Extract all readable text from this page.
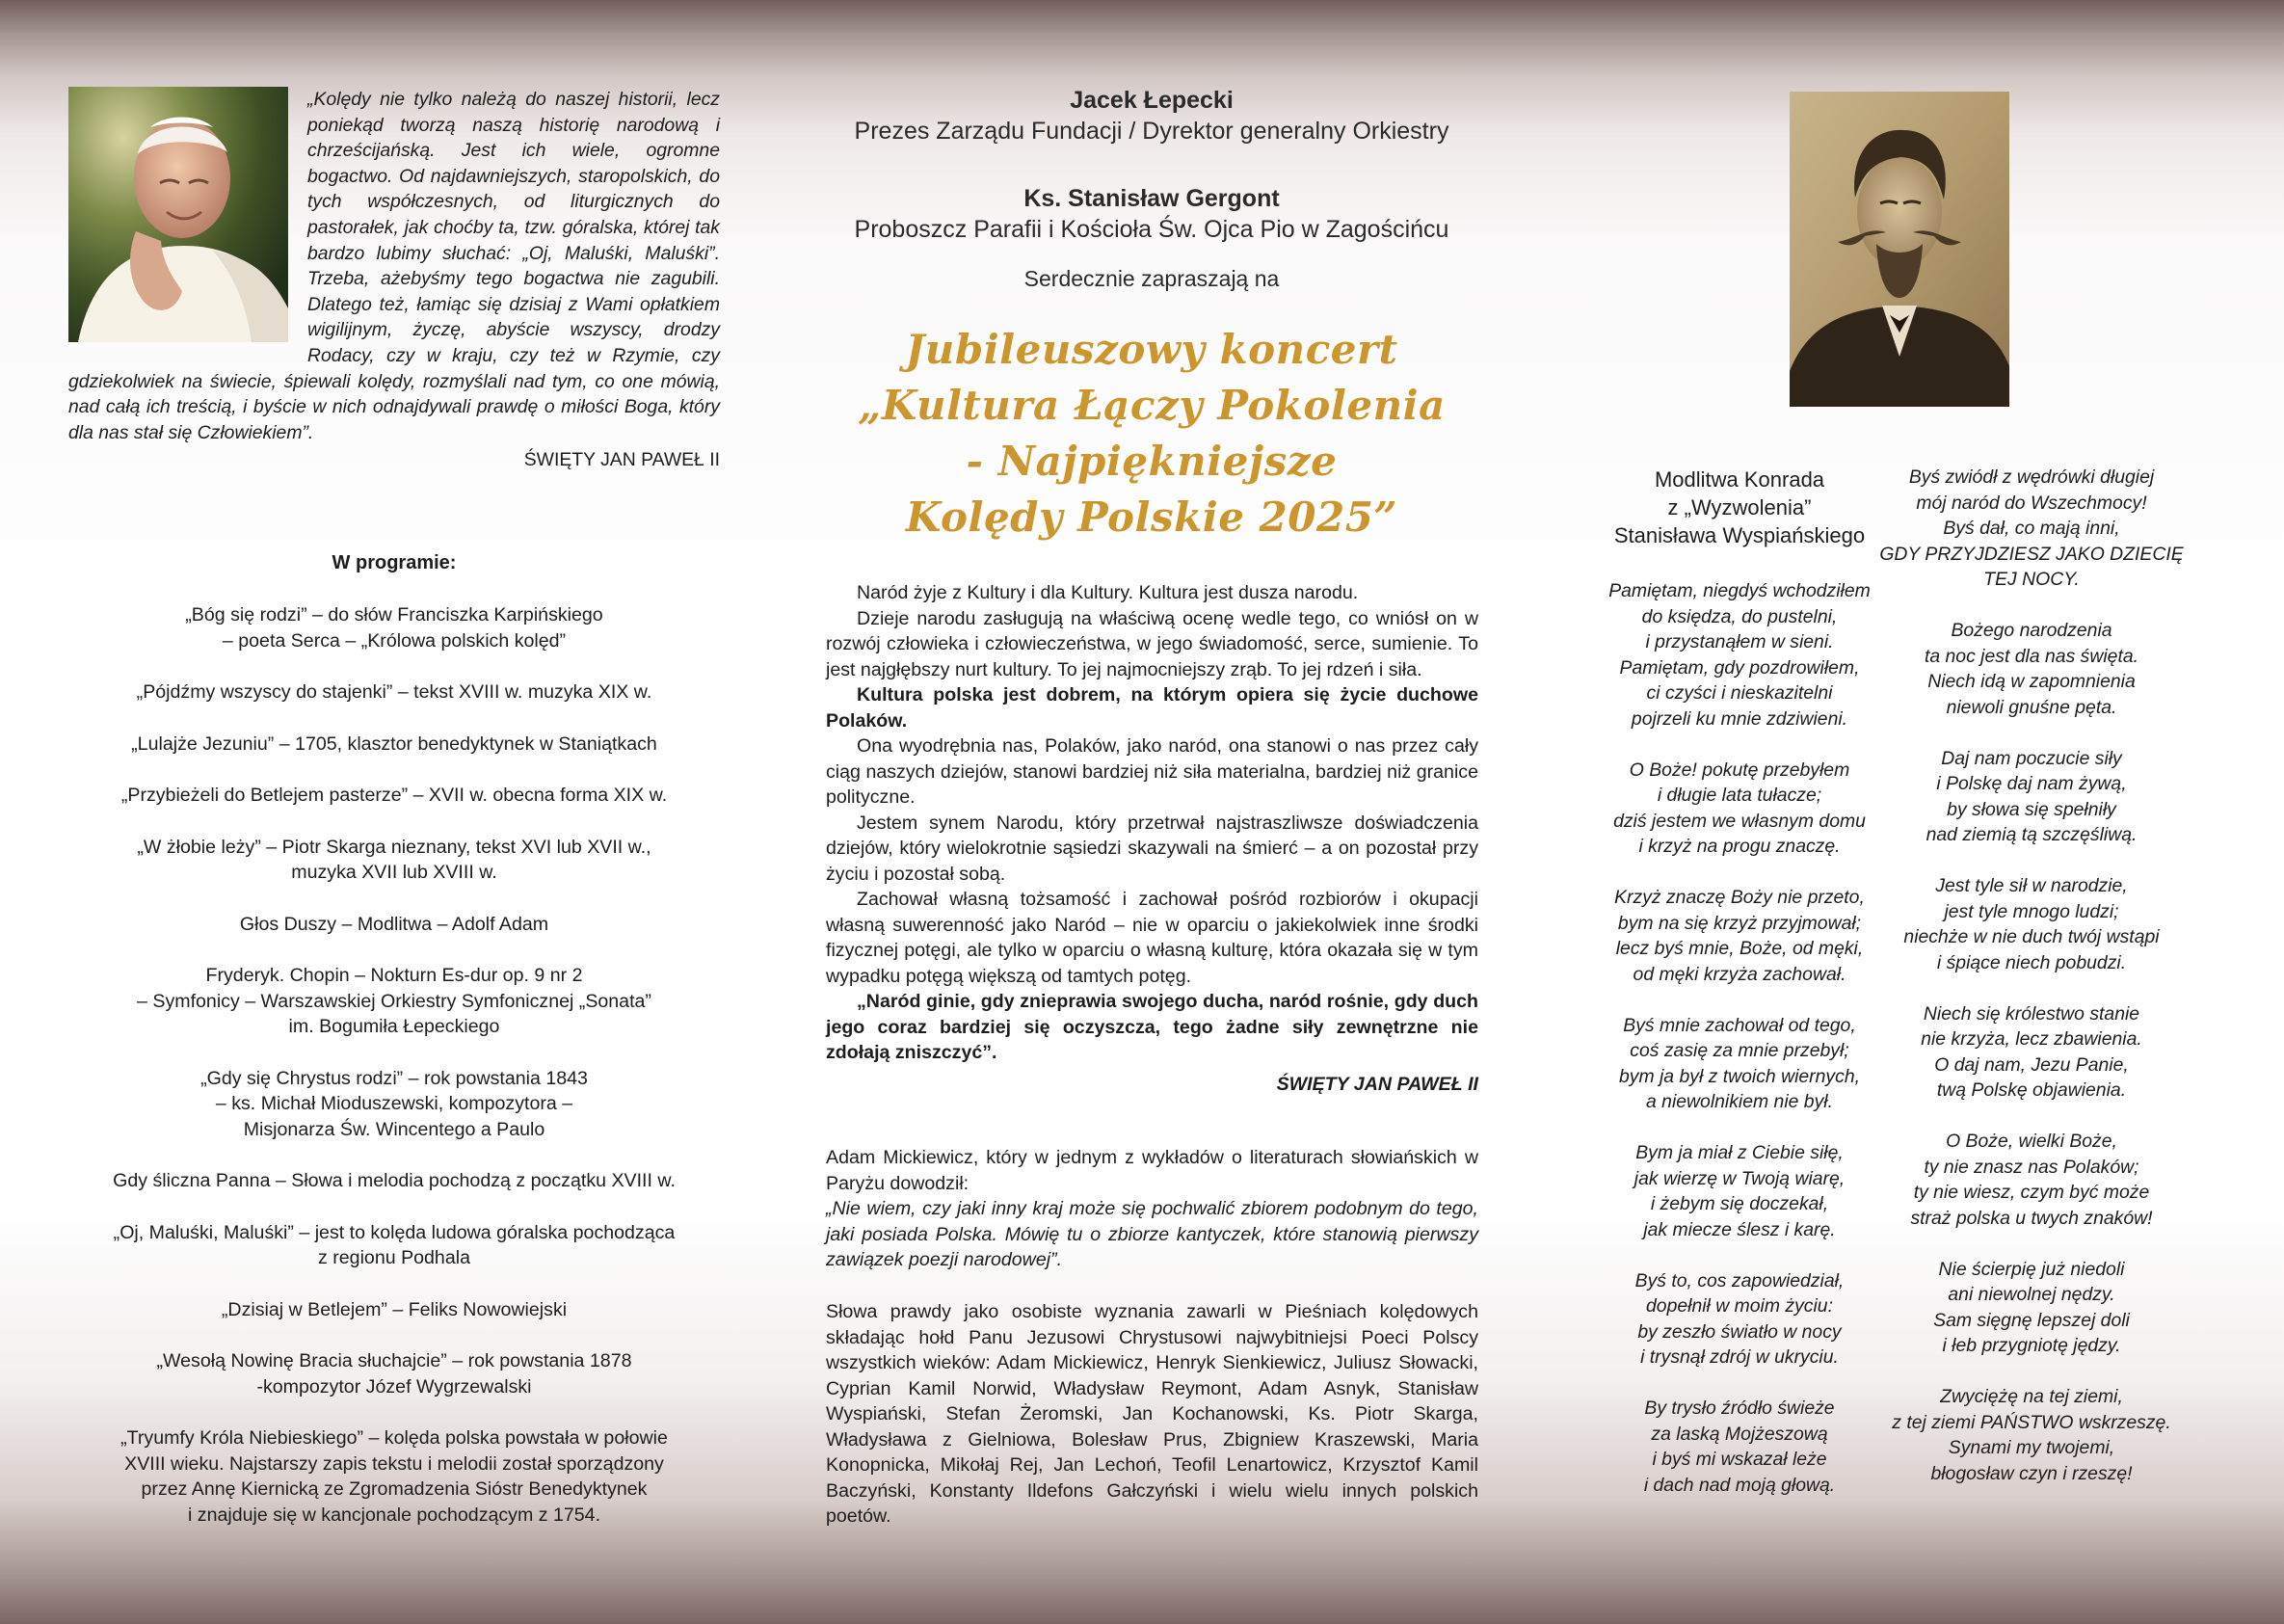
„Kolędy nie tylko należą do naszej historii, lecz poniekąd tworzą naszą historię narodową i chrześcijańską. Jest ich wiele, ogromne bogactwo. Od najdawniejszych, staropolskich, do tych współczesnych, od liturgicznych do pastorałek, jak choćby ta, tzw. góralska, której tak bardzo lubimy słuchać: „Oj, Maluśki, Maluśki”. Trzeba, ażebyśmy tego bogactwa nie zagubili. Dlatego też, łamiąc się dzisiaj z Wami opłatkiem wigilijnym, życzę, abyście wszyscy, drodzy Rodacy, czy w kraju, czy też w Rzymie, czy gdziekolwiek na świecie, śpiewali kolędy, rozmyślali nad tym, co one mówią, nad całą ich treścią, i byście w nich odnajdywali prawdę o miłości Boga, który dla nas stał się Człowiekiem”.
ŚWIĘTY JAN PAWEŁ II
W programie:
„Bóg się rodzi” – do słów Franciszka Karpińskiego
– poeta Serca – „Królowa polskich kolęd”
„Pójdźmy wszyscy do stajenki” – tekst XVIII w. muzyka XIX w.
„Lulajże Jezuniu” – 1705, klasztor benedyktynek w Staniątkach
„Przybieżeli do Betlejem pasterze” – XVII w. obecna forma XIX w.
„W żłobie leży” – Piotr Skarga nieznany, tekst XVI lub XVII w.,
muzyka XVII lub XVIII w.
Głos Duszy – Modlitwa – Adolf Adam
Fryderyk. Chopin – Nokturn Es-dur op. 9 nr 2
– Symfonicy – Warszawskiej Orkiestry Symfonicznej „Sonata”
im. Bogumiła Łepeckiego
„Gdy się Chrystus rodzi” – rok powstania 1843
– ks. Michał Mioduszewski, kompozytora –
Misjonarza Św. Wincentego a Paulo
Gdy śliczna Panna – Słowa i melodia pochodzą z początku XVIII w.
„Oj, Maluśki, Maluśki” – jest to kolęda ludowa góralska pochodząca
z regionu Podhala
„Dzisiaj w Betlejem” – Feliks Nowowiejski
„Wesołą Nowinę Bracia słuchajcie” – rok powstania 1878
-kompozytor Józef Wygrzewalski
„Tryumfy Króla Niebieskiego” – kolęda polska powstała w połowie
XVIII wieku. Najstarszy zapis tekstu i melodii został sporządzony
przez Annę Kiernicką ze Zgromadzenia Sióstr Benedyktynek
i znajduje się w kancjonale pochodzącym z 1754.
Jacek Łepecki
Prezes Zarządu Fundacji / Dyrektor generalny Orkiestry
Ks. Stanisław Gergont
Proboszcz Parafii i Kościoła Św. Ojca Pio w Zagościńcu
Serdecznie zapraszają na
Jubileuszowy koncert
„Kultura Łączy Pokolenia
- Najpiękniejsze
Kolędy Polskie 2025”

Naród żyje z Kultury i dla Kultury. Kultura jest dusza narodu.

Dzieje narodu zasługują na właściwą ocenę wedle tego, co wniósł on w rozwój człowieka i człowieczeństwa, w jego świadomość, serce, sumienie. To jest najgłębszy nurt kultury. To jej najmocniejszy zrąb. To jej rdzeń i siła.

Kultura polska jest dobrem, na którym opiera się życie duchowe Polaków.

Ona wyodrębnia nas, Polaków, jako naród, ona stanowi o nas przez cały ciąg naszych dziejów, stanowi bardziej niż siła materialna, bardziej niż granice polityczne.

Jestem synem Narodu, który przetrwał najstraszliwsze doświadczenia dziejów, który wielokrotnie sąsiedzi skazywali na śmierć – a on pozostał przy życiu i pozostał sobą.

Zachował własną tożsamość i zachował pośród rozbiorów i okupacji własną suwerenność jako Naród – nie w oparciu o jakiekolwiek inne środki fizycznej potęgi, ale tylko w oparciu o własną kulturę, która okazała się w tym wypadku potęgą większą od tamtych potęg.

„Naród ginie, gdy znieprawia swojego ducha, naród rośnie, gdy duch jego coraz bardziej się oczyszcza, tego żadne siły zewnętrzne nie zdołają zniszczyć”.

ŚWIĘTY JAN PAWEŁ II
Adam Mickiewicz, który w jednym z wykładów o literaturach słowiańskich w Paryżu dowodził:
„Nie wiem, czy jaki inny kraj może się pochwalić zbiorem podobnym do tego, jaki posiada Polska. Mówię tu o zbiorze kantyczek, które stanowią pierwszy zawiązek poezji narodowej”.
Słowa prawdy jako osobiste wyznania zawarli w Pieśniach kolędowych składając hołd Panu Jezusowi Chrystusowi najwybitniejsi Poeci Polscy wszystkich wieków: Adam Mickiewicz, Henryk Sienkiewicz, Juliusz Słowacki, Cyprian Kamil Norwid, Władysław Reymont, Adam Asnyk, Stanisław Wyspiański, Stefan Żeromski, Jan Kochanowski, Ks. Piotr Skarga, Władysława z Gielniowa, Bolesław Prus, Zbigniew Kraszewski, Maria Konopnicka, Mikołaj Rej, Jan Lechoń, Teofil Lenartowicz, Krzysztof Kamil Baczyński, Konstanty Ildefons Gałczyński i wielu wielu innych polskich poetów.
Modlitwa Konrada
z „Wyzwolenia”
Stanisława Wyspiańskiego
Pamiętam, niegdyś wchodziłem
do księdza, do pustelni,
i przystanąłem w sieni.
Pamiętam, gdy pozdrowiłem,
ci czyści i nieskazitelni
pojrzeli ku mnie zdziwieni.
O Boże! pokutę przebyłem
i długie lata tułacze;
dziś jestem we własnym domu
i krzyż na progu znaczę.
Krzyż znaczę Boży nie przeto,
bym na się krzyż przyjmował;
lecz byś mnie, Boże, od męki,
od męki krzyża zachował.
Byś mnie zachował od tego,
coś zasię za mnie przebył;
bym ja był z twoich wiernych,
a niewolnikiem nie był.
Bym ja miał z Ciebie siłę,
jak wierzę w Twoją wiarę,
i żebym się doczekał,
jak miecze ślesz i karę.
Byś to, cos zapowiedział,
dopełnił w moim życiu:
by zeszło światło w nocy
i trysnął zdrój w ukryciu.
By trysło źródło świeże
za laską Mojżeszową
i byś mi wskazał leże
i dach nad moją głową.
Byś zwiódł z wędrówki długiej
mój naród do Wszechmocy!
Byś dał, co mają inni,
GDY PRZYJDZIESZ JAKO DZIECIĘ
TEJ NOCY.
Bożego narodzenia
ta noc jest dla nas święta.
Niech idą w zapomnienia
niewoli gnuśne pęta.
Daj nam poczucie siły
i Polskę daj nam żywą,
by słowa się spełniły
nad ziemią tą szczęśliwą.
Jest tyle sił w narodzie,
jest tyle mnogo ludzi;
niechże w nie duch twój wstąpi
i śpiące niech pobudzi.
Niech się królestwo stanie
nie krzyża, lecz zbawienia.
O daj nam, Jezu Panie,
twą Polskę objawienia.
O Boże, wielki Boże,
ty nie znasz nas Polaków;
ty nie wiesz, czym być może
straż polska u twych znaków!
Nie ścierpię już niedoli
ani niewolnej nędzy.
Sam sięgnę lepszej doli
i łeb przygniotę jędzy.
Zwyciężę na tej ziemi,
z tej ziemi PAŃSTWO wskrzeszę.
Synami my twojemi,
błogosław czyn i rzeszę!
